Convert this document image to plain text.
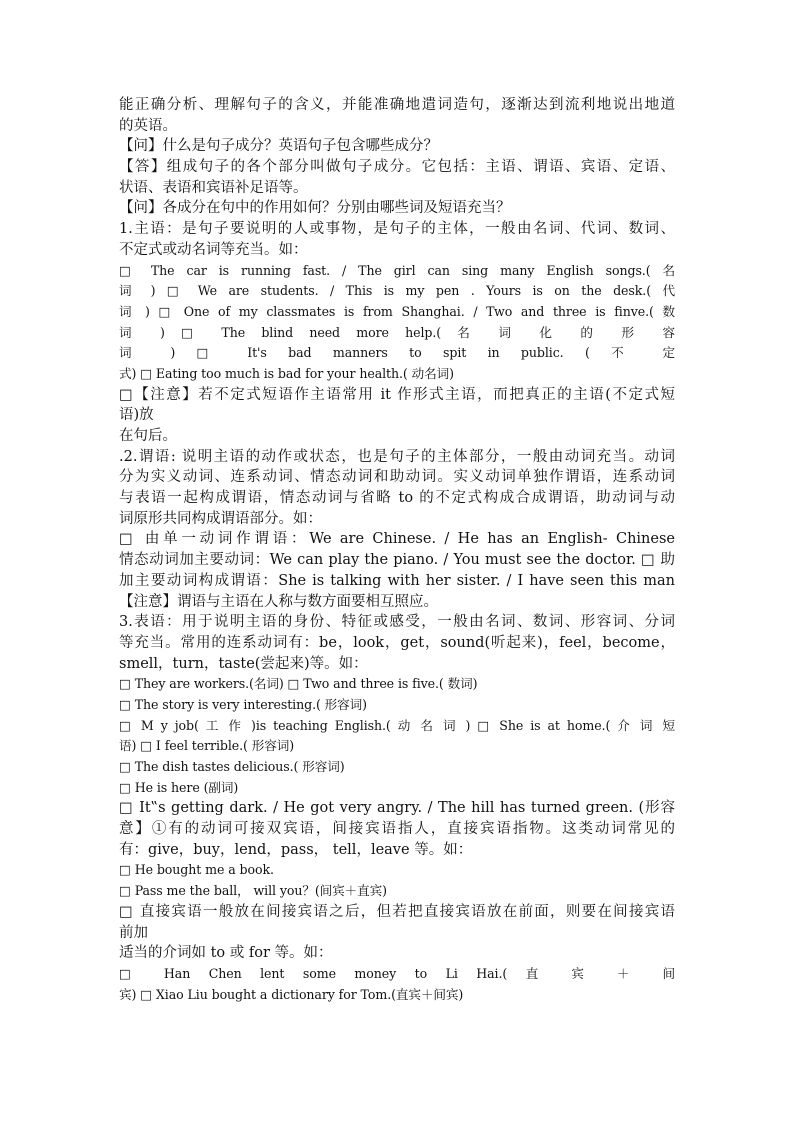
能正确分析、理解句子的含义，并能准确地遣词造句，逐渐达到流利地说出地道
的英语。
【问】什么是句子成分？英语句子包含哪些成分？
【答】组成句子的各个部分叫做句子成分。它包括：主语、谓语、宾语、定语、
状语、表语和宾语补足语等。
【问】各成分在句中的作用如何？分别由哪些词及短语充当？
1.主语：是句子要说明的人或事物，是句子的主体，一般由名词、代词、数词、
不定式或动名词等充当。如：
□ The car is running fast. / The girl can sing many English songs.( 名
词 ) □ We are students. / This is my pen . Yours is on the desk.( 代
词 ) □ One of my classmates is from Shanghai. / Two and three is finve.( 数
词 ) □ The blind need more help.( 名 词 化 的 形 容
词 ) □ It's bad manners to spit in public. ( 不 定
式) □ Eating too much is bad for your health.( 动名词)
□【注意】若不定式短语作主语常用 it 作形式主语，而把真正的主语(不定式短
语)放
在句后。
.2.谓语: 说明主语的动作或状态，也是句子的主体部分，一般由动词充当。动词
分为实义动词、连系动词、情态动词和助动词。实义动词单独作谓语，连系动词
与表语一起构成谓语，情态动词与省略 to 的不定式构成合成谓语，助动词与动
词原形共同构成谓语部分。如：
□ 由单一动词作谓语：We are Chinese. / He has an English- Chinese
情态动词加主要动词：We can play the piano. / You must see the doctor. □ 助
加主要动词构成谓语：She is talking with her sister. / I have seen this man
【注意】谓语与主语在人称与数方面要相互照应。
3.表语：用于说明主语的身份、特征或感受，一般由名词、数词、形容词、分词
等充当。常用的连系动词有：be，look，get，sound(听起来)，feel，become，
smell，turn，taste(尝起来)等。如：
□ They are workers.(名词) □ Two and three is five.( 数词)
□ The story is very interesting.( 形容词)
□ M y job( 工 作 )is teaching English.( 动 名 词 ) □ She is at home.( 介 词 短
语) □ I feel terrible.( 形容词)
□ The dish tastes delicious.( 形容词)
□ He is here (副词)
□ It‟s getting dark. / He got very angry. / The hill has turned green. (形容
意】①有的动词可接双宾语，间接宾语指人，直接宾语指物。这类动词常见的
有：give，buy，lend，pass， tell，leave 等。如：
□ He bought me a book.
□ Pass me the ball， will you？(间宾＋直宾)
□ 直接宾语一般放在间接宾语之后，但若把直接宾语放在前面，则要在间接宾语
前加
适当的介词如 to 或 for 等。如：
□ Han Chen lent some money to Li Hai.( 直 宾 ＋ 间
宾) □ Xiao Liu bought a dictionary for Tom.(直宾＋间宾)
